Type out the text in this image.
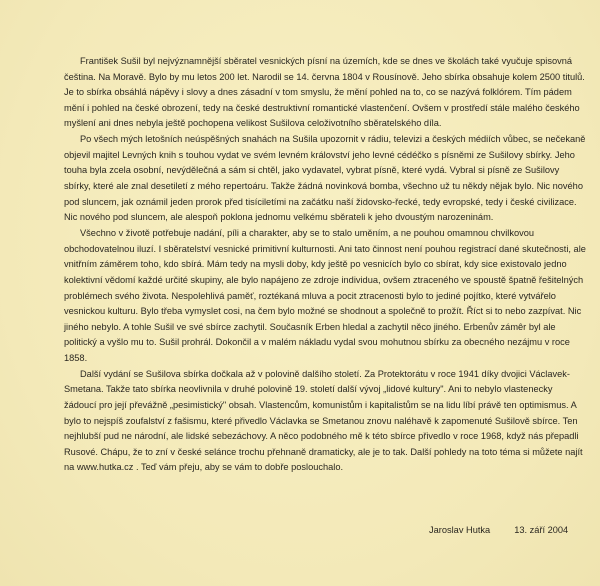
František Sušil byl nejvýznamnější sběratel vesnických písní na územích, kde se dnes ve školách také vyučuje spisovná čeština. Na Moravě. Bylo by mu letos 200 let. Narodil se 14. června 1804 v Rousínově. Jeho sbírka obsahuje kolem 2500 titulů. Je to sbírka obsáhlá nápěvy i slovy a dnes zásadní v tom smyslu, že mění pohled na to, co se nazývá folklórem. Tím pádem mění i pohled na české obrození, tedy na české destruktivní romantické vlastenčení. Ovšem v prostředí stále malého českého myšlení ani dnes nebyla ještě pochopena velikost Sušilova celoživotního sběratelského díla.

Po všech mých letošních neúspěšných snahách na Sušila upozornit v rádiu, televizi a českých médiích vůbec, se nečekaně objevil majitel Levných knih s touhou vydat ve svém levném království jeho levné cédéčko s písněmi ze Sušilovy sbírky. Jeho touha byla zcela osobní, nevýdělečná a sám si chtěl, jako vydavatel, vybrat písně, které vydá. Vybral si písně ze Sušilovy sbírky, které ale znal desetiletí z mého repertoáru. Takže žádná novinková bomba, všechno už tu někdy nějak bylo. Nic nového pod sluncem, jak oznámil jeden prorok před tisíciletími na začátku naší židovsko-řecké, tedy evropské, tedy i české civilizace. Nic nového pod sluncem, ale alespoň poklona jednomu velkému sběrateli k jeho dvoustým narozeninám.

Všechno v životě potřebuje nadání, píli a charakter, aby se to stalo uměním, a ne pouhou omamnou chvilkovou obchodovatelnou iluzí. I sběratelství vesnické primitivní kulturnosti. Ani tato činnost není pouhou registrací dané skutečnosti, ale vnitřním záměrem toho, kdo sbírá. Mám tedy na mysli doby, kdy ještě po vesnicích bylo co sbírat, kdy sice existovalo jedno kolektivní vědomí každé určité skupiny, ale bylo napájeno ze zdroje individua, ovšem ztraceného ve spoustě špatně řešitelných problémech svého života. Nespolehlivá paměť, roztékaná mluva a pocit ztracenosti bylo to jediné pojítko, které vytvářelo vesnickou kulturu. Bylo třeba vymyslet cosi, na čem bylo možné se shodnout a společně to prožít. Říct si to nebo zazpívat. Nic jiného nebylo. A tohle Sušil ve své sbírce zachytil. Současník Erben hledal a zachytil něco jiného. Erbenův zámêr byl ale politický a vyšlo mu to. Sušil prohrál. Dokončil a v malém nákladu vydal svou mohutnou sbírku za obecného nezájmu v roce 1858.

Další vydání se Sušilova sbírka dočkala až v polovině dalšího století. Za Protektorátu v roce 1941 díky dvojici Václavek-Smetana. Takže tato sbírka neovlivnila v druhé polovině 19. století další vývoj „lidové kultury". Ani to nebylo vlastenecky žádoucí pro její převážně „pesimistický" obsah. Vlastencům, komunistům i kapitalistům se na lidu líbí právě ten optimismus. A bylo to nejspíš zoufalství z fašismu, které přivedlo Václavka se Smetanou znovu naléhavě k zapomenuté Sušilově sbírce. Ten nejhlubší pud ne národní, ale lidské sebezáchovy. A něco podobného mě k této sbírce přivedlo v roce 1968, když nás přepadli Rusové. Chápu, že to zní v české selánce trochu přehnaně dramaticky, ale je to tak. Další pohledy na toto téma si můžete najít na www.hutka.cz . Teď vám přeju, aby se vám to dobře poslouchalo.

Jaroslav Hutka	13. září 2004
